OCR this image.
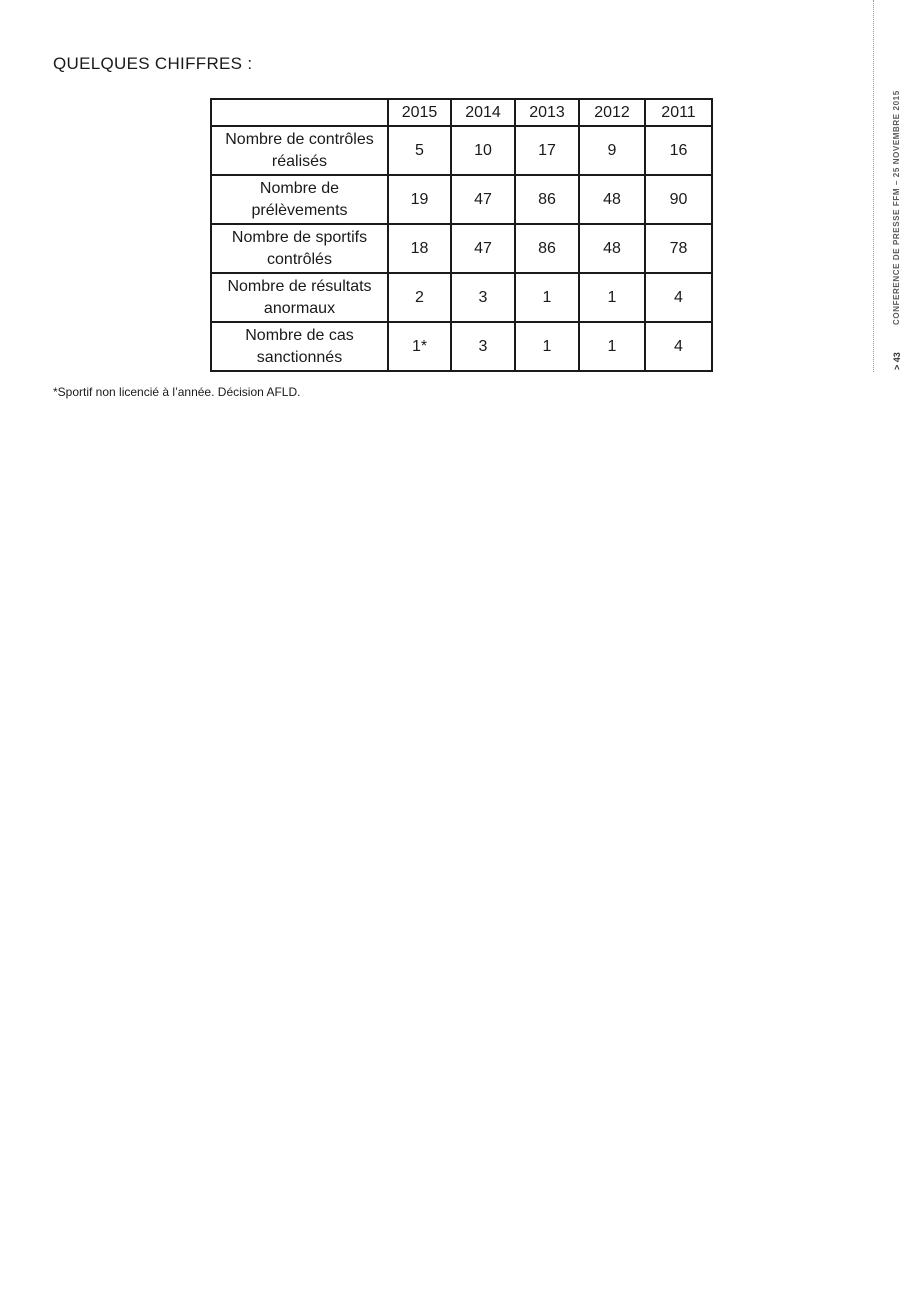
QUELQUES CHIFFRES :
	2015	2014	2013	2012	2011
Nombre de contrôles réalisés	5	10	17	9	16
Nombre de prélèvements	19	47	86	48	90
Nombre de sportifs contrôlés	18	47	86	48	78
Nombre de résultats anormaux	2	3	1	1	4
Nombre de cas sanctionnés	1*	3	1	1	4

*Sportif non licencié à l’année. Décision AFLD.

CONFERENCE DE PRESSE FFM – 25 NOVEMBRE 2015
> 43
